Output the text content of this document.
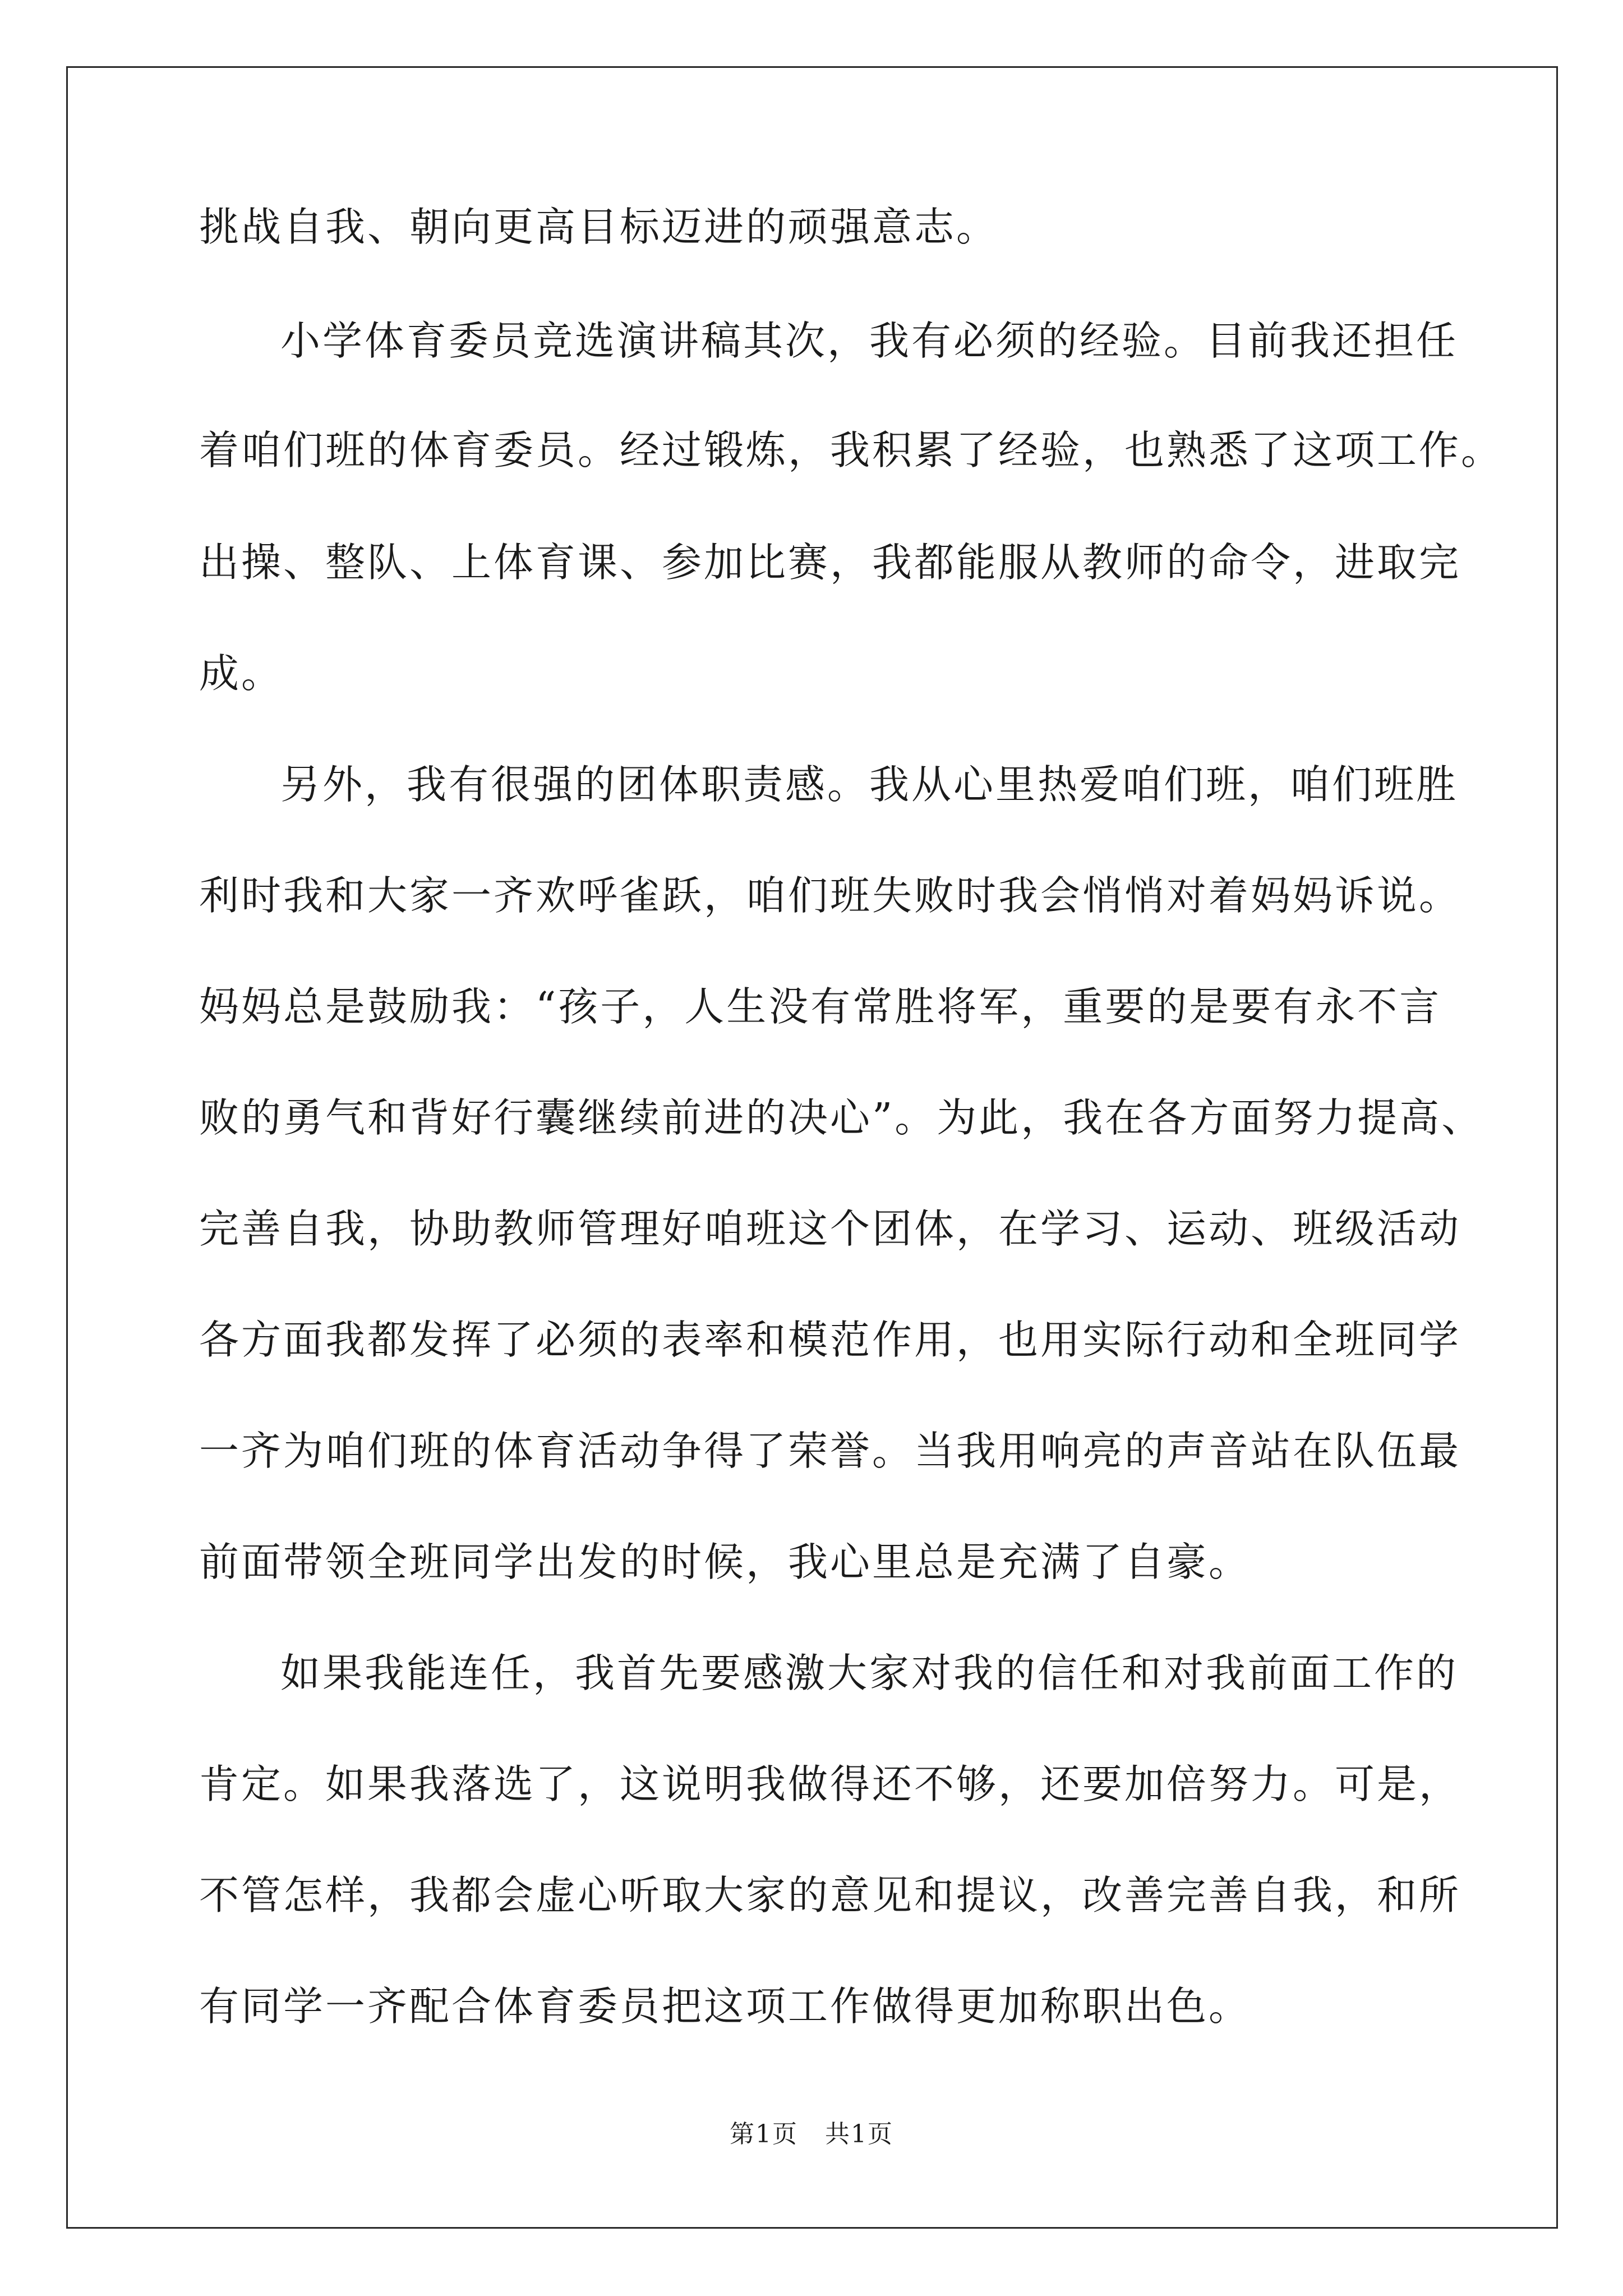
挑战自我、朝向更高目标迈进的顽强意志。
小学体育委员竞选演讲稿其次，我有必须的经验。目前我还担任
着咱们班的体育委员。经过锻炼，我积累了经验，也熟悉了这项工作。
出操、整队、上体育课、参加比赛，我都能服从教师的命令，进取完
成。
另外，我有很强的团体职责感。我从心里热爱咱们班，咱们班胜
利时我和大家一齐欢呼雀跃，咱们班失败时我会悄悄对着妈妈诉说。
妈妈总是鼓励我：“孩子，人生没有常胜将军，重要的是要有永不言
败的勇气和背好行囊继续前进的决心”。为此，我在各方面努力提高、
完善自我，协助教师管理好咱班这个团体，在学习、运动、班级活动
各方面我都发挥了必须的表率和模范作用，也用实际行动和全班同学
一齐为咱们班的体育活动争得了荣誉。当我用响亮的声音站在队伍最
前面带领全班同学出发的时候，我心里总是充满了自豪。
如果我能连任，我首先要感激大家对我的信任和对我前面工作的
肯定。如果我落选了，这说明我做得还不够，还要加倍努力。可是，
不管怎样，我都会虚心听取大家的意见和提议，改善完善自我，和所
有同学一齐配合体育委员把这项工作做得更加称职出色。
第1页 共1页
